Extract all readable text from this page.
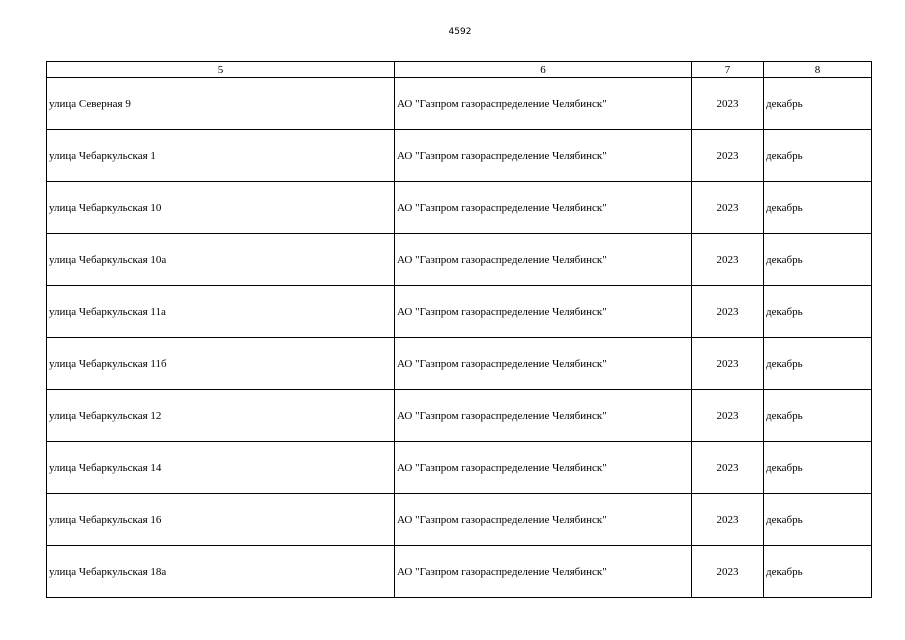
4592
5	6	7	8
улица Северная 9	АО "Газпром газораспределение Челябинск"	2023	декабрь
улица Чебаркульская 1	АО "Газпром газораспределение Челябинск"	2023	декабрь
улица Чебаркульская 10	АО "Газпром газораспределение Челябинск"	2023	декабрь
улица Чебаркульская 10а	АО "Газпром газораспределение Челябинск"	2023	декабрь
улица Чебаркульская 11а	АО "Газпром газораспределение Челябинск"	2023	декабрь
улица Чебаркульская 11б	АО "Газпром газораспределение Челябинск"	2023	декабрь
улица Чебаркульская 12	АО "Газпром газораспределение Челябинск"	2023	декабрь
улица Чебаркульская 14	АО "Газпром газораспределение Челябинск"	2023	декабрь
улица Чебаркульская 16	АО "Газпром газораспределение Челябинск"	2023	декабрь
улица Чебаркульская 18а	АО "Газпром газораспределение Челябинск"	2023	декабрь
